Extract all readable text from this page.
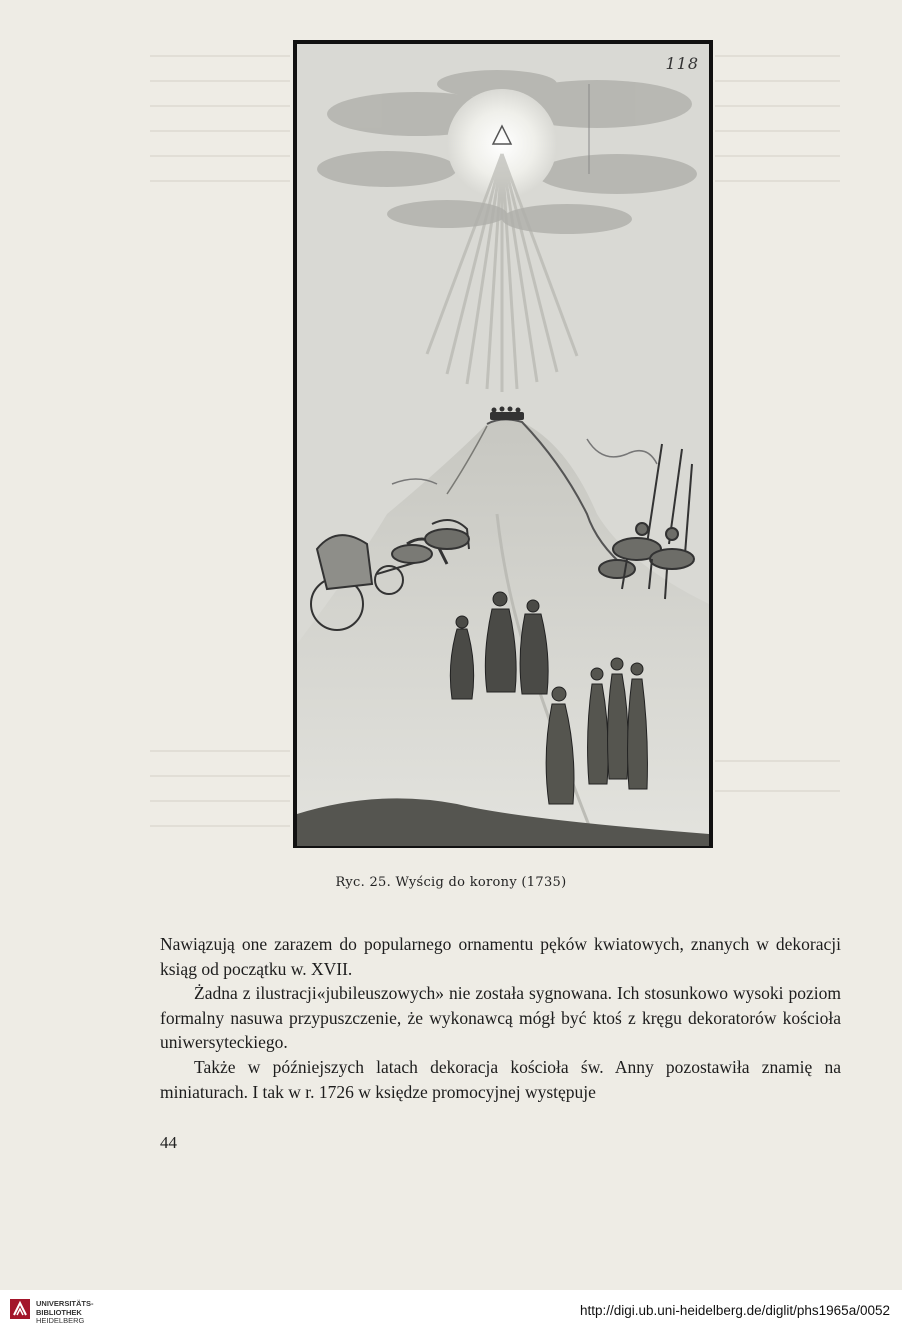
118
Ryc. 25. Wyścig do korony (1735)

Nawiązują one zarazem do popularnego ornamentu pęków kwiatowych, znanych w dekoracji ksiąg od początku w. XVII.

Żadna z ilustracji«jubileuszowych» nie została sygnowana. Ich stosunkowo wysoki poziom formalny nasuwa przypuszczenie, że wykonawcą mógł być ktoś z kręgu dekoratorów kościoła uniwersyteckiego.

Także w późniejszych latach dekoracja kościoła św. Anny pozostawiła znamię na miniaturach. I tak w r. 1726 w księdze promocyjnej występuje

44
UNIVERSITÄTS-
BIBLIOTHEK
HEIDELBERG
http://digi.ub.uni-heidelberg.de/diglit/phs1965a/0052
